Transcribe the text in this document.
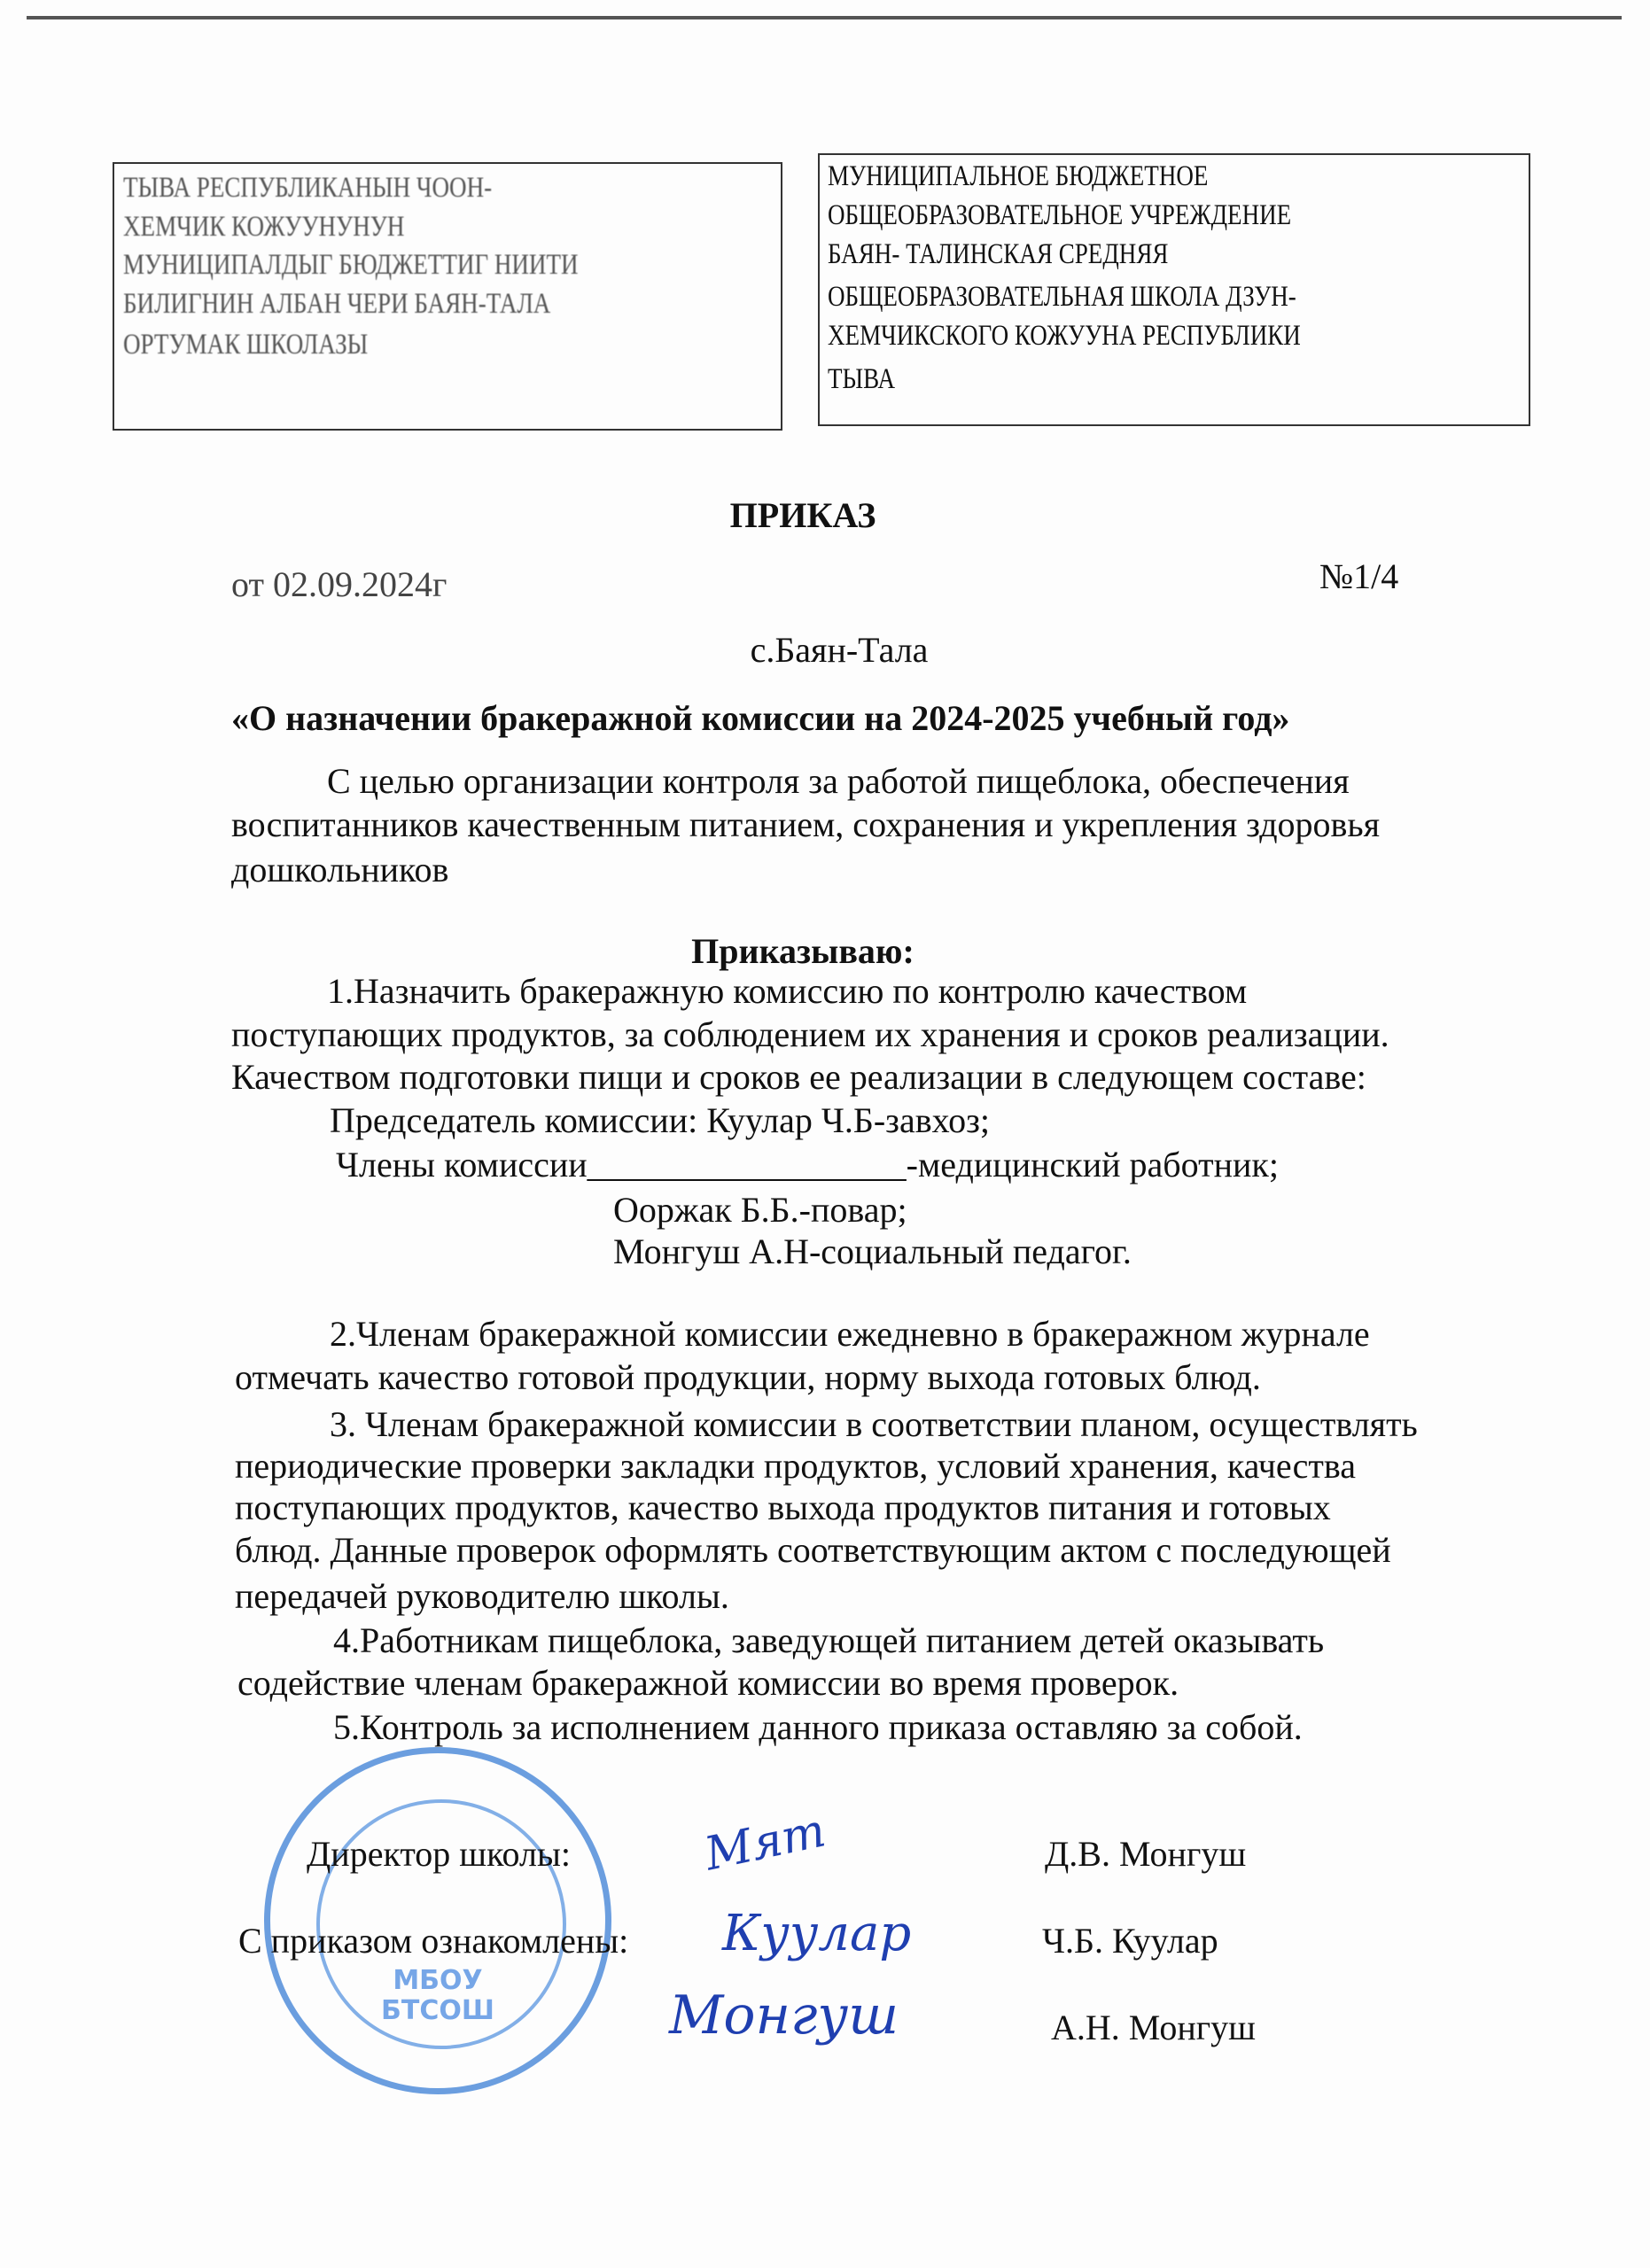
ТЫВА РЕСПУБЛИКАНЫН ЧООН-
ХЕМЧИК КОЖУУНУНУН
МУНИЦИПАЛДЫГ БЮДЖЕТТИГ НИИТИ
БИЛИГНИН АЛБАН ЧЕРИ БАЯН-ТАЛА
ОРТУМАК ШКОЛАЗЫ
МУНИЦИПАЛЬНОЕ БЮДЖЕТНОЕ
ОБЩЕОБРАЗОВАТЕЛЬНОЕ УЧРЕЖДЕНИЕ
БАЯН- ТАЛИНСКАЯ СРЕДНЯЯ
ОБЩЕОБРАЗОВАТЕЛЬНАЯ ШКОЛА ДЗУН-
ХЕМЧИКСКОГО КОЖУУНА РЕСПУБЛИКИ
ТЫВА
ПРИКАЗ
от 02.09.2024г	№1/4
с.Баян-Тала
«О назначении бракеражной комиссии на 2024-2025 учебный год»
С целью организации контроля за работой пищеблока, обеспечения
воспитанников качественным питанием, сохранения и укрепления здоровья
дошкольников
Приказываю:
1.Назначить бракеражную комиссию по контролю качеством
поступающих продуктов, за соблюдением их хранения и сроков реализации.
Качеством подготовки пищи и сроков ее реализации в следующем составе:
Председатель комиссии: Куулар Ч.Б-завхоз;
Члены комиссии__________________-медицинский работник;
Ооржак Б.Б.-повар;
Монгуш А.Н-социальный педагог.
2.Членам бракеражной комиссии ежедневно в бракеражном журнале
отмечать качество готовой продукции, норму выхода готовых блюд.
3. Членам бракеражной комиссии в соответствии планом, осуществлять
периодические проверки закладки продуктов, условий хранения, качества
поступающих продуктов, качество выхода продуктов питания и готовых
блюд. Данные проверок оформлять соответствующим актом с последующей
передачей руководителю школы.
4.Работникам пищеблока, заведующей питанием детей оказывать
содействие членам бракеражной комиссии во время проверок.
5.Контроль за исполнением данного приказа оставляю за собой.
МБОУ БТСОШ
Директор школы:	Д.В. Монгуш
С приказом ознакомлены:	Ч.Б. Куулар
А.Н. Монгуш
Мят
Куулар
Монгуш
